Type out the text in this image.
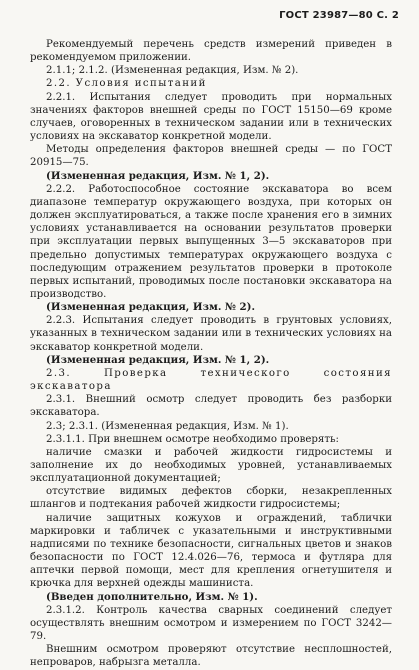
ГОСТ 23987—80 С. 2

Рекомендуемый перечень средств измерений приведен в рекомендуемом приложении.

2.1.1; 2.1.2. (Измененная редакция, Изм. № 2).

2.2. Условия испытаний

2.2.1. Испытания следует проводить при нормальных значениях факторов внешней среды по ГОСТ 15150—69 кроме случаев, оговоренных в техническом задании или в технических условиях на экскаватор конкретной модели.

Методы определения факторов внешней среды — по ГОСТ 20915—75.

(Измененная редакция, Изм. № 1, 2).

2.2.2. Работоспособное состояние экскаватора во всем диапазоне температур окружающего воздуха, при которых он должен эксплуатироваться, а также после хранения его в зимних условиях устанавливается на основании результатов проверки при эксплуатации первых выпущенных 3—5 экскаваторов при предельно допустимых температурах окружающего воздуха с последующим отражением результатов проверки в протоколе первых испытаний, проводимых после постановки экскаватора на производство.

(Измененная редакция, Изм. № 2).

2.2.3. Испытания следует проводить в грунтовых условиях, указанных в техническом задании или в технических условиях на экскаватор конкретной модели.

(Измененная редакция, Изм. № 1, 2).

2.3. Проверка технического состояния экскаватора

2.3.1. Внешний осмотр следует проводить без разборки экскаватора.

2.3; 2.3.1. (Измененная редакция, Изм. № 1).

2.3.1.1. При внешнем осмотре необходимо проверять:

наличие смазки и рабочей жидкости гидросистемы и заполнение их до необходимых уровней, устанавливаемых эксплуатационной документацией;

отсутствие видимых дефектов сборки, незакрепленных шлангов и подтекания рабочей жидкости гидросистемы;

наличие защитных кожухов и ограждений, таблички маркировки и табличек с указательными и инструктивными надписями по технике безопасности, сигнальных цветов и знаков безопасности по ГОСТ 12.4.026—76, термоса и футляра для аптечки первой помощи, мест для крепления огнетушителя и крючка для верхней одежды машиниста.

(Введен дополнительно, Изм. № 1).

2.3.1.2. Контроль качества сварных соединений следует осуществлять внешним осмотром и измерением по ГОСТ 3242—79.

Внешним осмотром проверяют отсутствие несплошностей, непроваров, набрызга металла.
